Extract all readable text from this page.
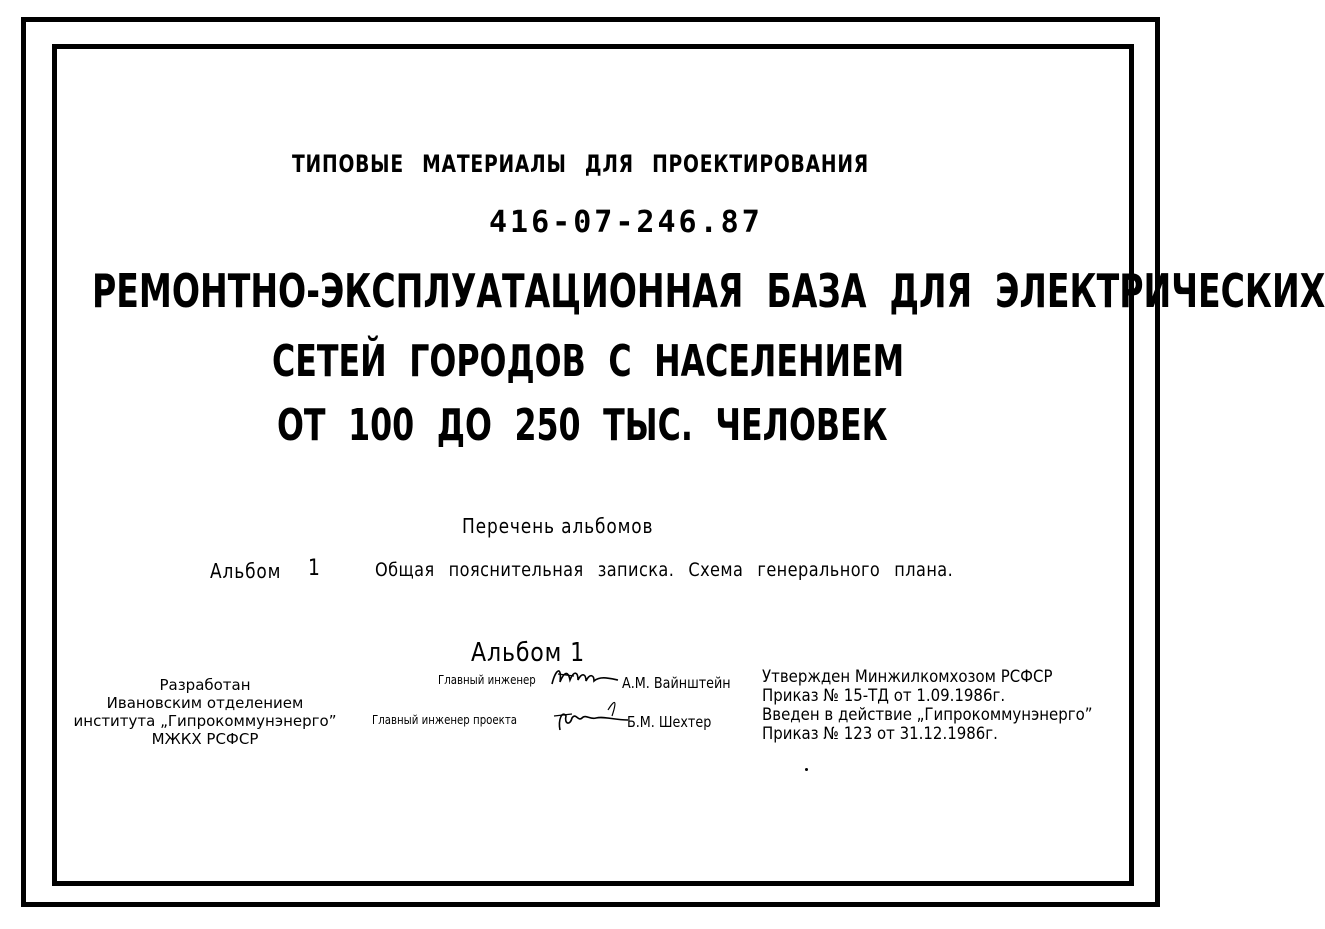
ТИПОВЫЕ МАТЕРИАЛЫ ДЛЯ ПРОЕКТИРОВАНИЯ
416-07-246.87
РЕМОНТНО-ЭКСПЛУАТАЦИОННАЯ БАЗА ДЛЯ ЭЛЕКТРИЧЕСКИХ
СЕТЕЙ ГОРОДОВ С НАСЕЛЕНИЕМ
ОТ 100 ДО 250 ТЫС. ЧЕЛОВЕК
Перечень альбомов
Альбом 1	Общая пояснительная записка. Схема генерального плана.
Альбом 1
Разработан
Ивановским отделением
института „Гипрокоммунэнерго”
МЖКХ РСФСР
Главный инженер	А.М. Вайнштейн
Главный инженер проекта	Б.М. Шехтер
Утвержден Минжилкомхозом РСФСР
Приказ № 15-ТД от 1.09.1986г.
Введен в действие „Гипрокоммунэнерго”
Приказ № 123 от 31.12.1986г.
